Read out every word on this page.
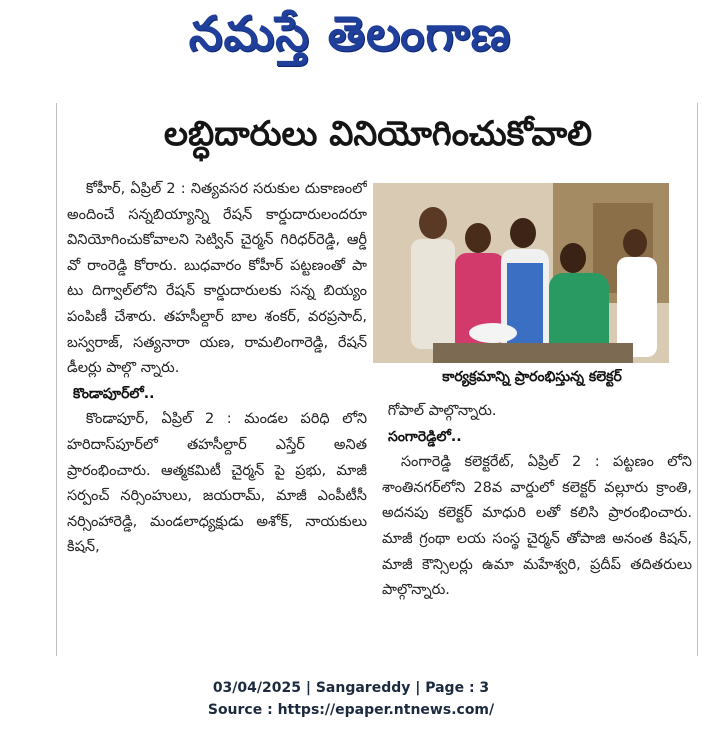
నమస్తే తెలంగాణ
లబ్ధిదారులు వినియోగించుకోవాలి

కోహీర్, ఏప్రిల్ 2 : నిత్యవసర సరుకుల దుకాణంలో అందించే సన్నబియ్యాన్ని రేషన్ కార్డుదారులందరూ వినియోగించుకోవాలని సెట్విన్ చైర్మన్ గిరిధర్‌రెడ్డి, ఆర్డీ వో రాంరెడ్డి కోరారు. బుధవారం కోహీర్ పట్టణంతో పా టు దిగ్వాల్‌లోని రేషన్ కార్డుదారులకు సన్న బియ్యం పంపిణీ చేశారు. తహసీల్దార్ బాల శంకర్, వరప్రసాద్, బస్వరాజ్, సత్యనారా యణ, రామలింగారెడ్డి, రేషన్ డీలర్లు పాల్గొ న్నారు.

కొండాపూర్‌లో..

కొండాపూర్, ఏప్రిల్ 2 : మండల పరిధి లోని హరిదాస్‌పూర్‌లో తహసీల్దార్ ఎస్తేర్ అనిత ప్రారంభించారు. ఆత్మకమిటీ చైర్మన్ పై ప్రభు, మాజీ సర్పంచ్ నర్సింహులు, జయరామ్, మాజీ ఎంపీటీసీ నర్సింహారెడ్డి, మండలాధ్యక్షుడు అశోక్, నాయకులు కిషన్,

కార్యక్రమాన్ని ప్రారంభిస్తున్న కలెక్టర్

గోపాల్ పాల్గొన్నారు.

సంగారెడ్డిలో..

సంగారెడ్డి కలెక్టరేట్, ఏప్రిల్ 2 : పట్టణం లోని శాంతినగర్‌లోని 28వ వార్డులో కలెక్టర్ వల్లూరు క్రాంతి, అదనపు కలెక్టర్ మాధురి లతో కలిసి ప్రారంభించారు. మాజీ గ్రంథా లయ సంస్థ చైర్మన్ తోపాజి అనంత కిషన్, మాజీ కౌన్సిలర్లు ఉమా మహేశ్వరి, ప్రదీప్ తదితరులు పాల్గొన్నారు.

03/04/2025 | Sangareddy | Page : 3
Source : https://epaper.ntnews.com/
